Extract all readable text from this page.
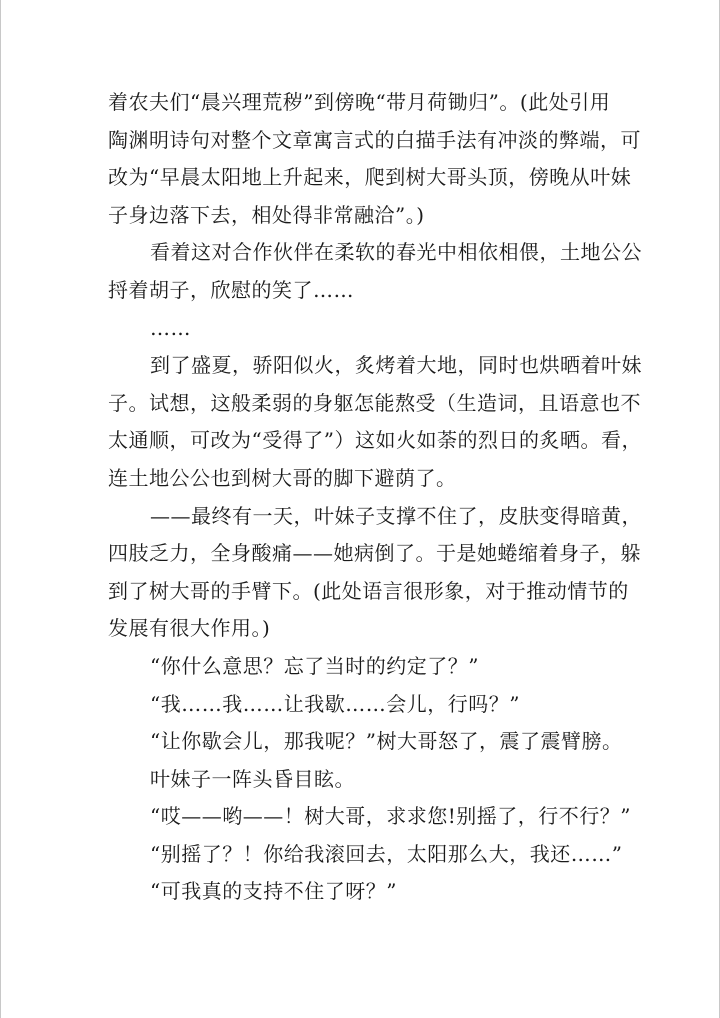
着农夫们“晨兴理荒秽”到傍晚“带月荷锄归”。(此处引用
陶渊明诗句对整个文章寓言式的白描手法有冲淡的弊端，可
改为“早晨太阳地上升起来，爬到树大哥头顶，傍晚从叶妹
子身边落下去，相处得非常融洽”。)
看着这对合作伙伴在柔软的春光中相依相偎，土地公公
捋着胡子，欣慰的笑了……
……
到了盛夏，骄阳似火，炙烤着大地，同时也烘晒着叶妹
子。试想，这般柔弱的身躯怎能熬受（生造词，且语意也不
太通顺，可改为“受得了”）这如火如荼的烈日的炙晒。看，
连土地公公也到树大哥的脚下避荫了。
——最终有一天，叶妹子支撑不住了，皮肤变得暗黄，
四肢乏力，全身酸痛——她病倒了。于是她蜷缩着身子，躲
到了树大哥的手臂下。(此处语言很形象，对于推动情节的
发展有很大作用。)
“你什么意思？忘了当时的约定了？”
“我……我……让我歇……会儿，行吗？”
“让你歇会儿，那我呢？”树大哥怒了，震了震臂膀。
叶妹子一阵头昏目眩。
“哎——哟——！树大哥，求求您!别摇了，行不行？”
“别摇了？！你给我滚回去，太阳那么大，我还……”
“可我真的支持不住了呀？”
